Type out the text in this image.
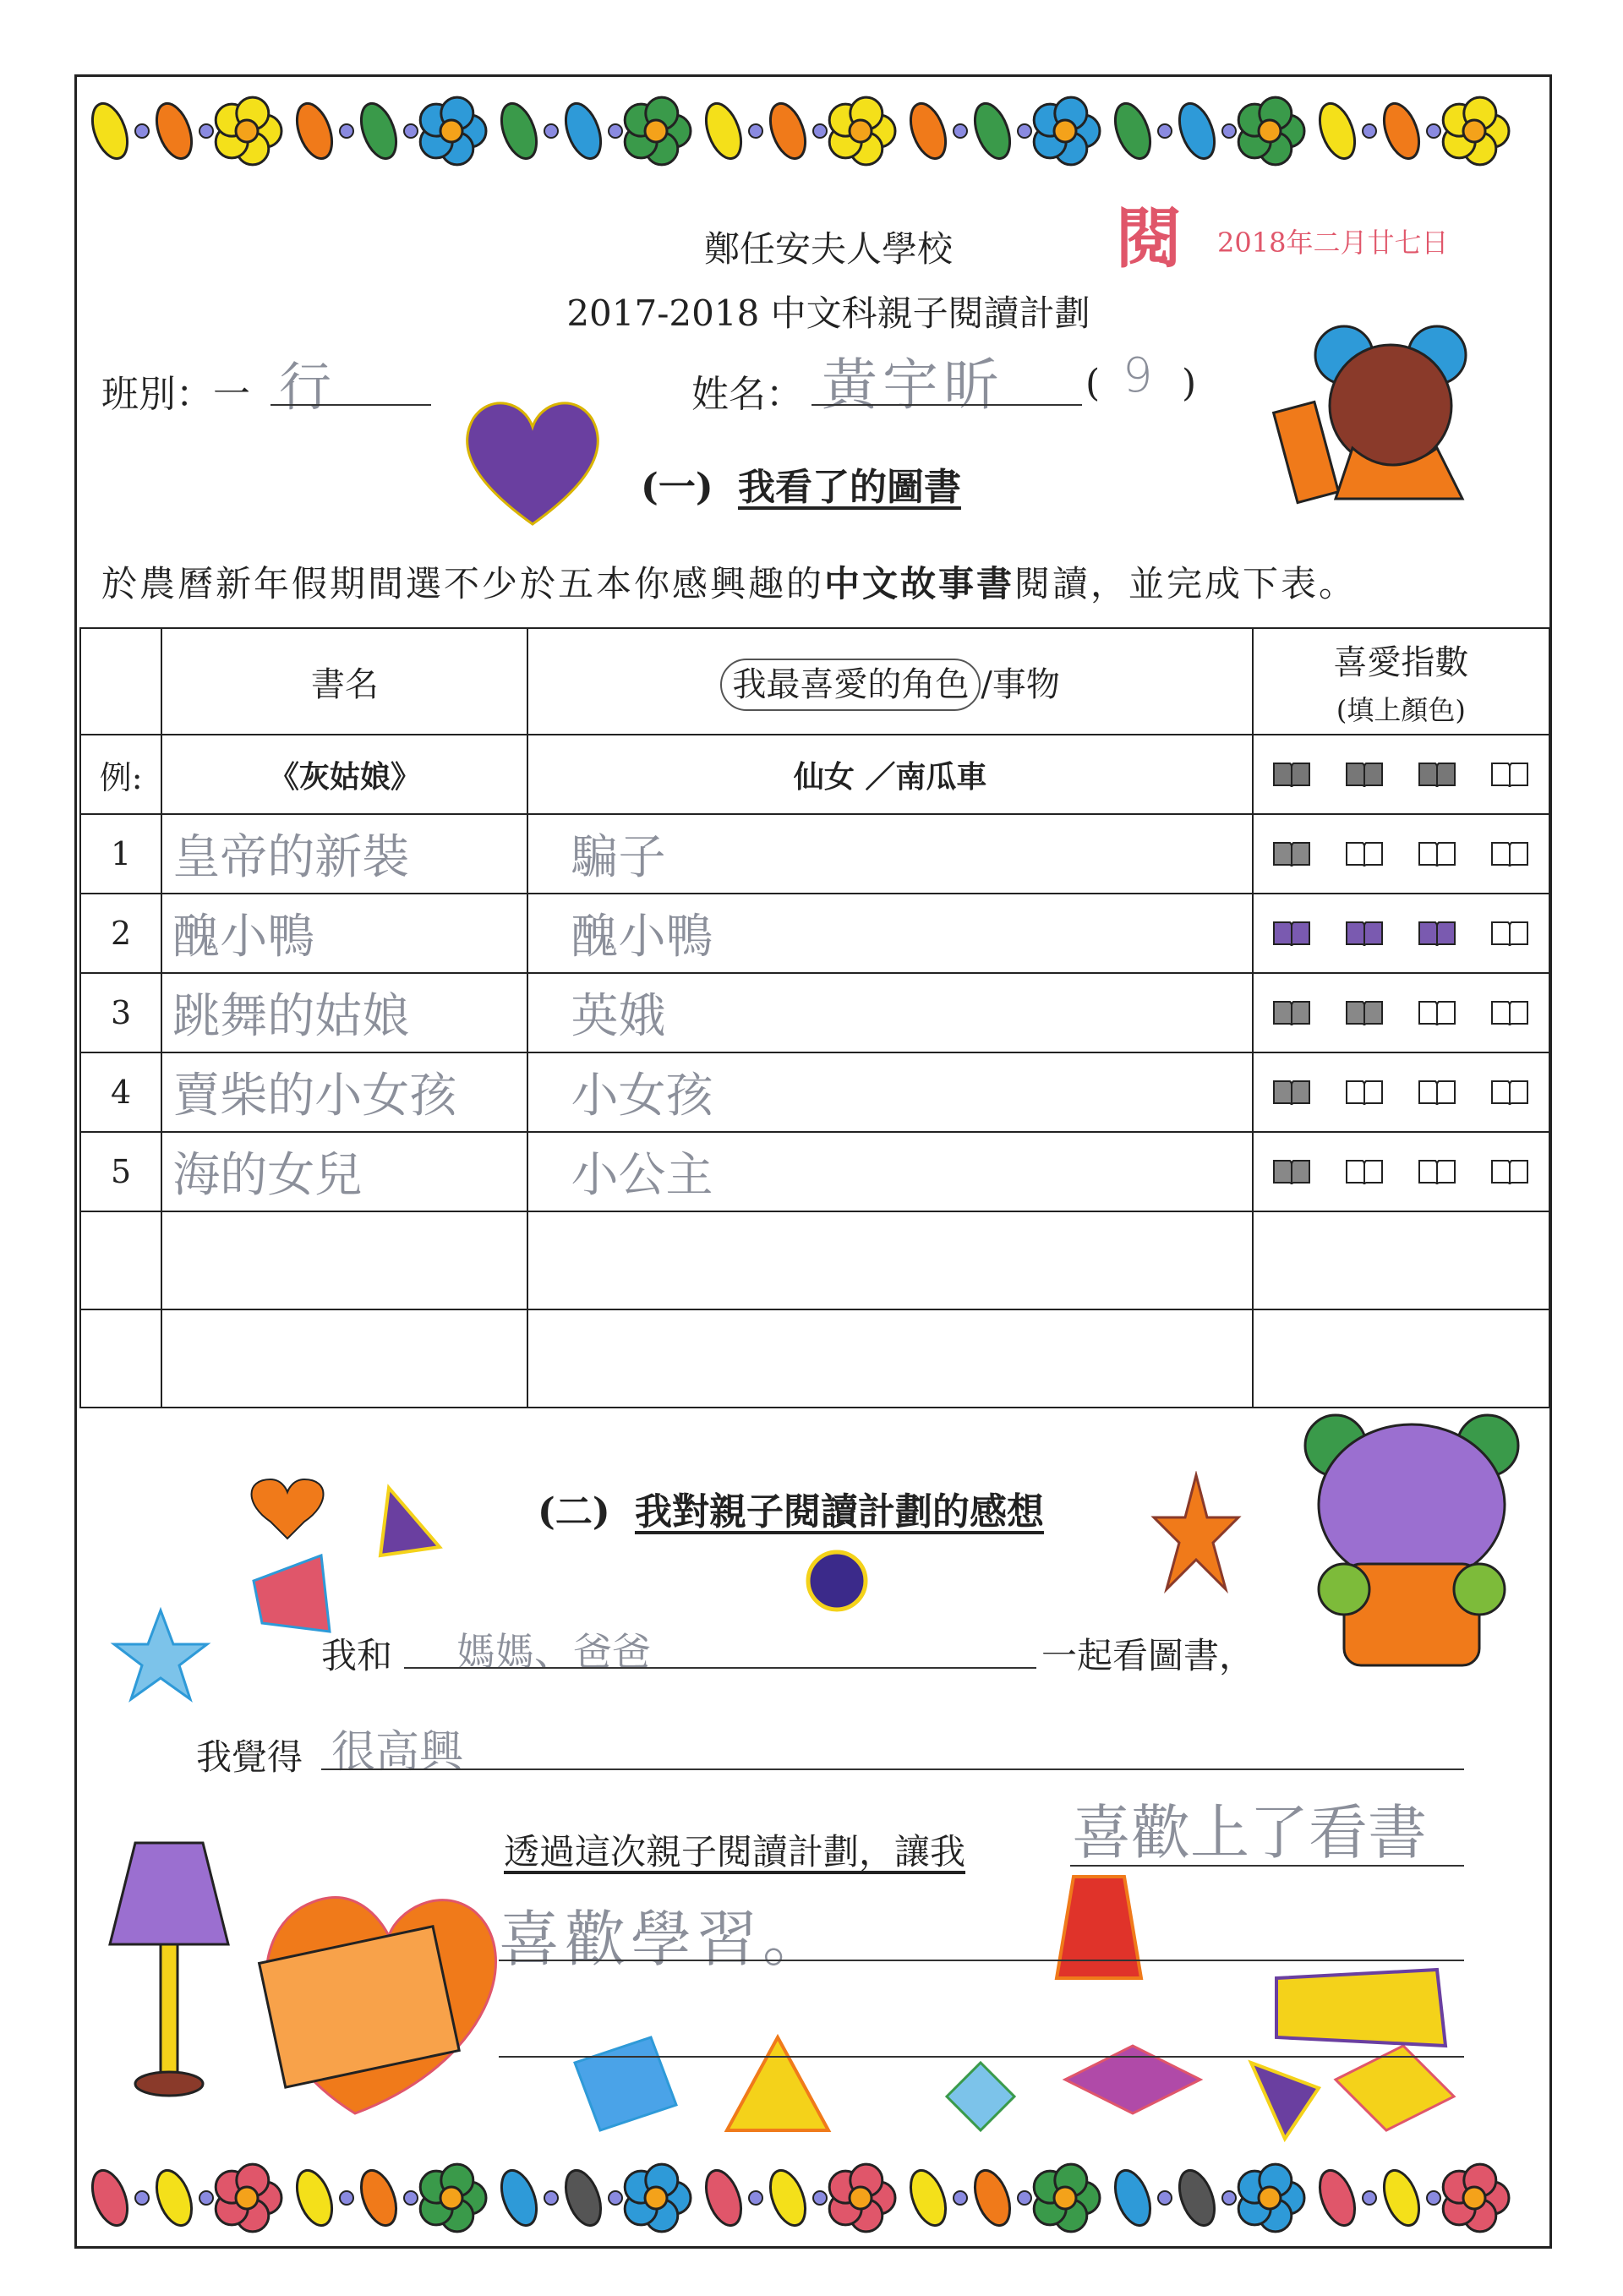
鄭任安夫人學校
2017-2018 中文科親子閱讀計劃
閱 2018年二月廿七日
班別：一 行	姓名： 黃宇昕 ( 9 )
(一) 我看了的圖書
於農曆新年假期間選不少於五本你感興趣的中文故事書閱讀，並完成下表。
	書名	我最喜愛的角色 /事物	喜愛指數
(填上顏色)

例:	《灰姑娘》	仙女 ／南瓜車	
1	皇帝的新裝	騙子	
2	醜小鴨	醜小鴨	
3	跳舞的姑娘	英娥	
4	賣柴的小女孩	小女孩	
5	海的女兒	小公主	

(二) 我對親子閱讀計劃的感想
我和 媽媽、爸爸	一起看圖書，
我覺得 很高興
透過這次親子閱讀計劃，讓我 喜歡上了看書
喜歡學習。
